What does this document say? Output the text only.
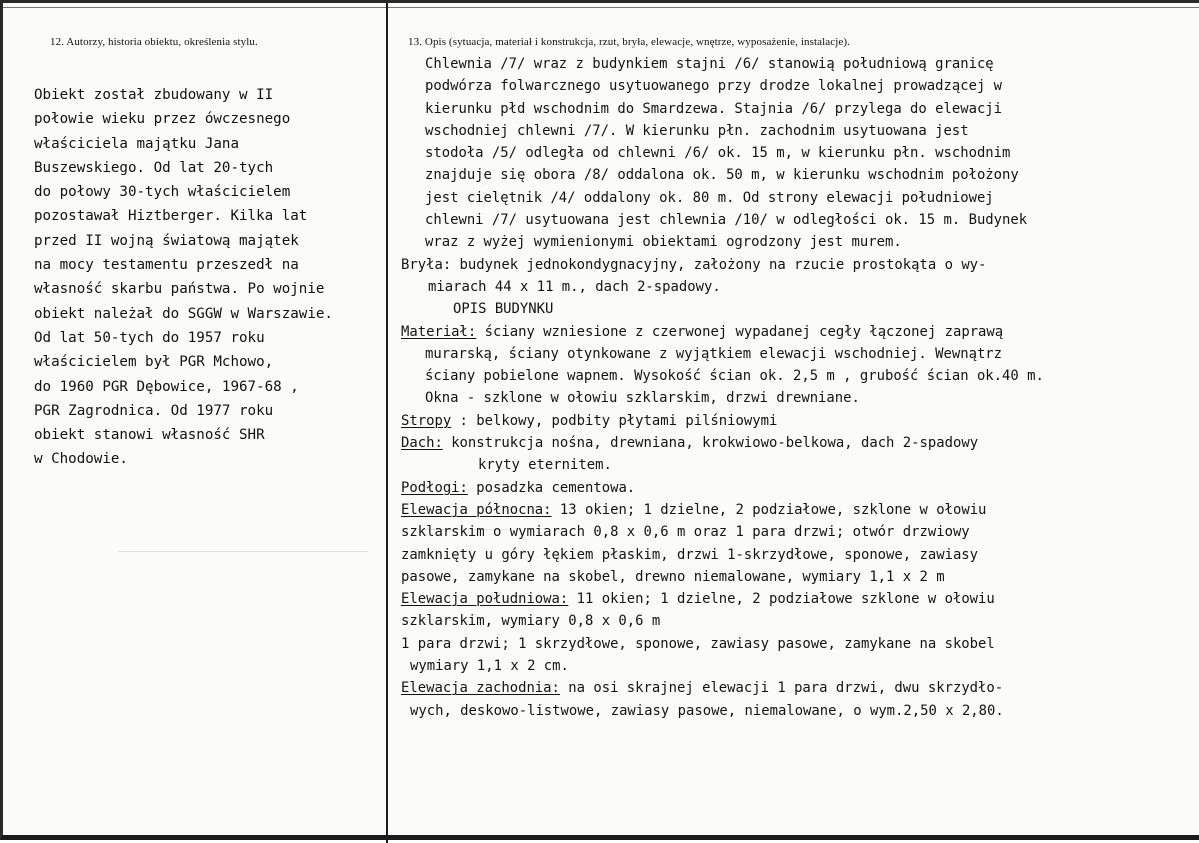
12. Autorzy, historia obiektu, określenia stylu.	13. Opis (sytuacja, materiał i konstrukcja, rzut, bryła, elewacje, wnętrze, wyposażenie, instalacje).
Obiekt został zbudowany w II
połowie wieku przez ówczesnego
właściciela majątku Jana
Buszewskiego. Od lat 20-tych
do połowy 30-tych właścicielem
pozostawał Hiztberger. Kilka lat
przed II wojną światową majątek
na mocy testamentu przeszedł na
własność skarbu państwa. Po wojnie
obiekt należał do SGGW w Warszawie.
Od lat 50-tych do 1957 roku
właścicielem był PGR Mchowo,
do 1960 PGR Dębowice, 1967-68 ,
PGR Zagrodnica. Od 1977 roku
obiekt stanowi własność SHR
w Chodowie.
Chlewnia /7/ wraz z budynkiem stajni /6/ stanowią południową granicę
podwórza folwarcznego usytuowanego przy drodze lokalnej prowadzącej w
kierunku płd wschodnim do Smardzewa. Stajnia /6/ przylega do elewacji
wschodniej chlewni /7/. W kierunku płn. zachodnim usytuowana jest
stodoła /5/ odległa od chlewni /6/ ok. 15 m, w kierunku płn. wschodnim
znajduje się obora /8/ oddalona ok. 50 m, w kierunku wschodnim położony
jest cielętnik /4/ oddalony ok. 80 m. Od strony elewacji południowej
chlewni /7/ usytuowana jest chlewnia /10/ w odległości ok. 15 m. Budynek
wraz z wyżej wymienionymi obiektami ogrodzony jest murem.
Bryła: budynek jednokondygnacyjny, założony na rzucie prostokąta o wy-
miarach 44 x 11 m., dach 2-spadowy.
OPIS BUDYNKU
Materiał: ściany wzniesione z czerwonej wypadanej cegły łączonej zaprawą
murarską, ściany otynkowane z wyjątkiem elewacji wschodniej. Wewnątrz
ściany pobielone wapnem. Wysokość ścian ok. 2,5 m , grubość ścian ok.40 m.
Okna - szklone w ołowiu szklarskim, drzwi drewniane.
Stropy : belkowy, podbity płytami pilśniowymi
Dach: konstrukcja nośna, drewniana, krokwiowo-belkowa, dach 2-spadowy
kryty eternitem.
Podłogi: posadzka cementowa.
Elewacja północna: 13 okien; 1 dzielne, 2 podziałowe, szklone w ołowiu
szklarskim o wymiarach 0,8 x 0,6 m oraz 1 para drzwi; otwór drzwiowy
zamknięty u góry łękiem płaskim, drzwi 1-skrzydłowe, sponowe, zawiasy
pasowe, zamykane na skobel, drewno niemalowane, wymiary 1,1 x 2 m
Elewacja południowa: 11 okien; 1 dzielne, 2 podziałowe szklone w ołowiu
szklarskim, wymiary 0,8 x 0,6 m
1 para drzwi; 1 skrzydłowe, sponowe, zawiasy pasowe, zamykane na skobel
wymiary 1,1 x 2 cm.
Elewacja zachodnia: na osi skrajnej elewacji 1 para drzwi, dwu skrzydło-
wych, deskowo-listwowe, zawiasy pasowe, niemalowane, o wym.2,50 x 2,80.
